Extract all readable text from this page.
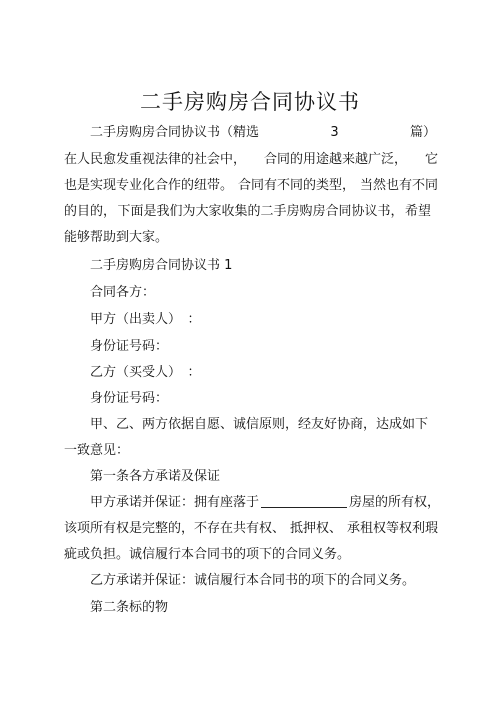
二手房购房合同协议书
二手房购房合同协议书（精选	3	篇）
在人民愈发重视法律的社会中， 合同的用途越来越广泛， 它
也是实现专业化合作的纽带。 合同有不同的类型， 当然也有不同
的目的， 下面是我们为大家收集的二手房购房合同协议书， 希望
能够帮助到大家。
二手房购房合同协议书 1
合同各方：
甲方（出卖人）　：
身份证号码：
乙方（买受人）　：
身份证号码：
甲、乙、两方依据自愿、诚信原则，经友好协商，达成如下
一致意见：
第一条各方承诺及保证
甲方承诺并保证：拥有座落于	房屋的所有权，
该项所有权是完整的，不存在共有权、 抵押权、 承租权等权利瑕
疵或负担。诚信履行本合同书的项下的合同义务。
乙方承诺并保证：诚信履行本合同书的项下的合同义务。
第二条标的物
